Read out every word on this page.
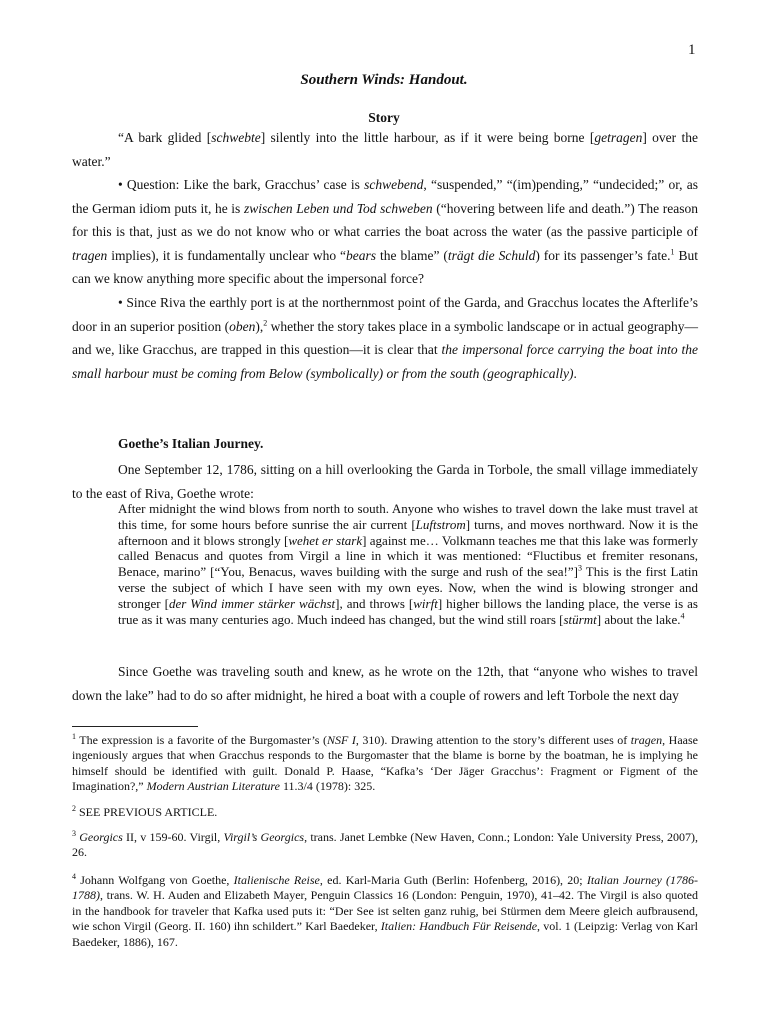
1
Southern Winds: Handout.
Story
“A bark glided [schwebte] silently into the little harbour, as if it were being borne [getragen] over the water.”
• Question: Like the bark, Gracchus’ case is schwebend, “suspended,” “(im)pending,” “undecided;” or, as the German idiom puts it, he is zwischen Leben und Tod schweben (“hovering between life and death.”) The reason for this is that, just as we do not know who or what carries the boat across the water (as the passive participle of tragen implies), it is fundamentally unclear who “bears the blame” (trägt die Schuld) for its passenger’s fate.$^1$ But can we know anything more specific about the impersonal force?
• Since Riva the earthly port is at the northernmost point of the Garda, and Gracchus locates the Afterlife’s door in an superior position (oben),$^2$ whether the story takes place in a symbolic landscape or in actual geography—and we, like Gracchus, are trapped in this question—it is clear that the impersonal force carrying the boat into the small harbour must be coming from Below (symbolically) or from the south (geographically).
Goethe’s Italian Journey.
One September 12, 1786, sitting on a hill overlooking the Garda in Torbole, the small village immediately to the east of Riva, Goethe wrote:
After midnight the wind blows from north to south. Anyone who wishes to travel down the lake must travel at this time, for some hours before sunrise the air current [Luftstrom] turns, and moves northward. Now it is the afternoon and it blows strongly [wehet er stark] against me… Volkmann teaches me that this lake was formerly called Benacus and quotes from Virgil a line in which it was mentioned: “Fluctibus et fremiter resonans, Benace, marino” [“You, Benacus, waves building with the surge and rush of the sea!”]$^3$ This is the first Latin verse the subject of which I have seen with my own eyes. Now, when the wind is blowing stronger and stronger [der Wind immer stärker wächst], and throws [wirft] higher billows the landing place, the verse is as true as it was many centuries ago. Much indeed has changed, but the wind still roars [stürmt] about the lake.$^4$
Since Goethe was traveling south and knew, as he wrote on the 12th, that “anyone who wishes to travel down the lake” had to do so after midnight, he hired a boat with a couple of rowers and left Torbole the next day
$^1$ The expression is a favorite of the Burgomaster’s (NSF I, 310). Drawing attention to the story’s different uses of tragen, Haase ingeniously argues that when Gracchus responds to the Burgomaster that the blame is borne by the boatman, he is implying he himself should be identified with guilt. Donald P. Haase, “Kafka’s ‘Der Jäger Gracchus’: Fragment or Figment of the Imagination?,” Modern Austrian Literature 11.3/4 (1978): 325.
$^2$ SEE PREVIOUS ARTICLE.
$^3$ Georgics II, v 159-60. Virgil, Virgil’s Georgics, trans. Janet Lembke (New Haven, Conn.; London: Yale University Press, 2007), 26.
$^4$ Johann Wolfgang von Goethe, Italienische Reise, ed. Karl-Maria Guth (Berlin: Hofenberg, 2016), 20; Italian Journey (1786-1788), trans. W. H. Auden and Elizabeth Mayer, Penguin Classics 16 (London: Penguin, 1970), 41–42. The Virgil is also quoted in the handbook for traveler that Kafka used puts it: “Der See ist selten ganz ruhig, bei Stürmen dem Meere gleich aufbrausend, wie schon Virgil (Georg. II. 160) ihn schildert.” Karl Baedeker, Italien: Handbuch Für Reisende, vol. 1 (Leipzig: Verlag von Karl Baedeker, 1886), 167.
